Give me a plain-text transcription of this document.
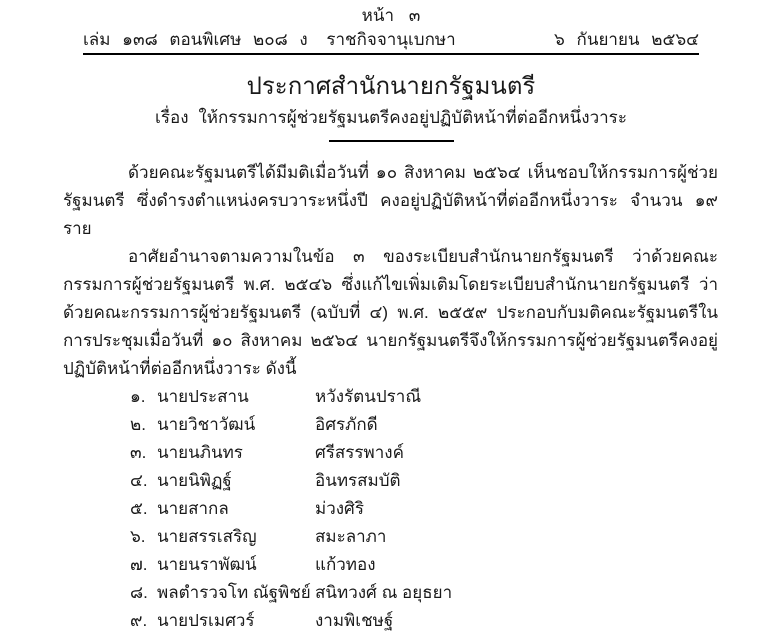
หน้า ๓
เล่ม ๑๓๘ ตอนพิเศษ ๒๐๘ ง ราชกิจจานุเบกษา	๖ กันยายน ๒๕๖๔
ประกาศสำนักนายกรัฐมนตรี
เรื่อง ให้กรรมการผู้ช่วยรัฐมนตรีคงอยู่ปฏิบัติหน้าที่ต่ออีกหนึ่งวาระ

ด้วยคณะรัฐมนตรีได้มีมติเมื่อวันที่ ๑๐ สิงหาคม ๒๕๖๔ เห็นชอบให้กรรมการผู้ช่วยรัฐมนตรี ซึ่งดำรงตำแหน่งครบวาระหนึ่งปี คงอยู่ปฏิบัติหน้าที่ต่ออีกหนึ่งวาระ จำนวน ๑๙ ราย

อาศัยอำนาจตามความในข้อ ๓ ของระเบียบสำนักนายกรัฐมนตรี ว่าด้วยคณะกรรมการผู้ช่วยรัฐมนตรี พ.ศ. ๒๕๔๖ ซึ่งแก้ไขเพิ่มเติมโดยระเบียบสำนักนายกรัฐมนตรี ว่าด้วยคณะกรรมการผู้ช่วยรัฐมนตรี (ฉบับที่ ๔) พ.ศ. ๒๕๕๙ ประกอบกับมติคณะรัฐมนตรีในการประชุมเมื่อวันที่ ๑๐ สิงหาคม ๒๕๖๔ นายกรัฐมนตรีจึงให้กรรมการผู้ช่วยรัฐมนตรีคงอยู่ปฏิบัติหน้าที่ต่ออีกหนึ่งวาระ ดังนี้

๑. นายประสาน	หวังรัตนปราณี
๒. นายวิชาวัฒน์	อิศรภักดี
๓. นายนภินทร	ศรีสรรพางค์
๔. นายนิพิฏฐ์	อินทรสมบัติ
๕. นายสากล	ม่วงศิริ
๖. นายสรรเสริญ	สมะลาภา
๗. นายนราพัฒน์	แก้วทอง
๘. พลตำรวจโท ณัฐพิชย์ สนิทวงศ์ ณ อยุธยา
๙. นายปรเมศวร์	งามพิเชษฐ์
